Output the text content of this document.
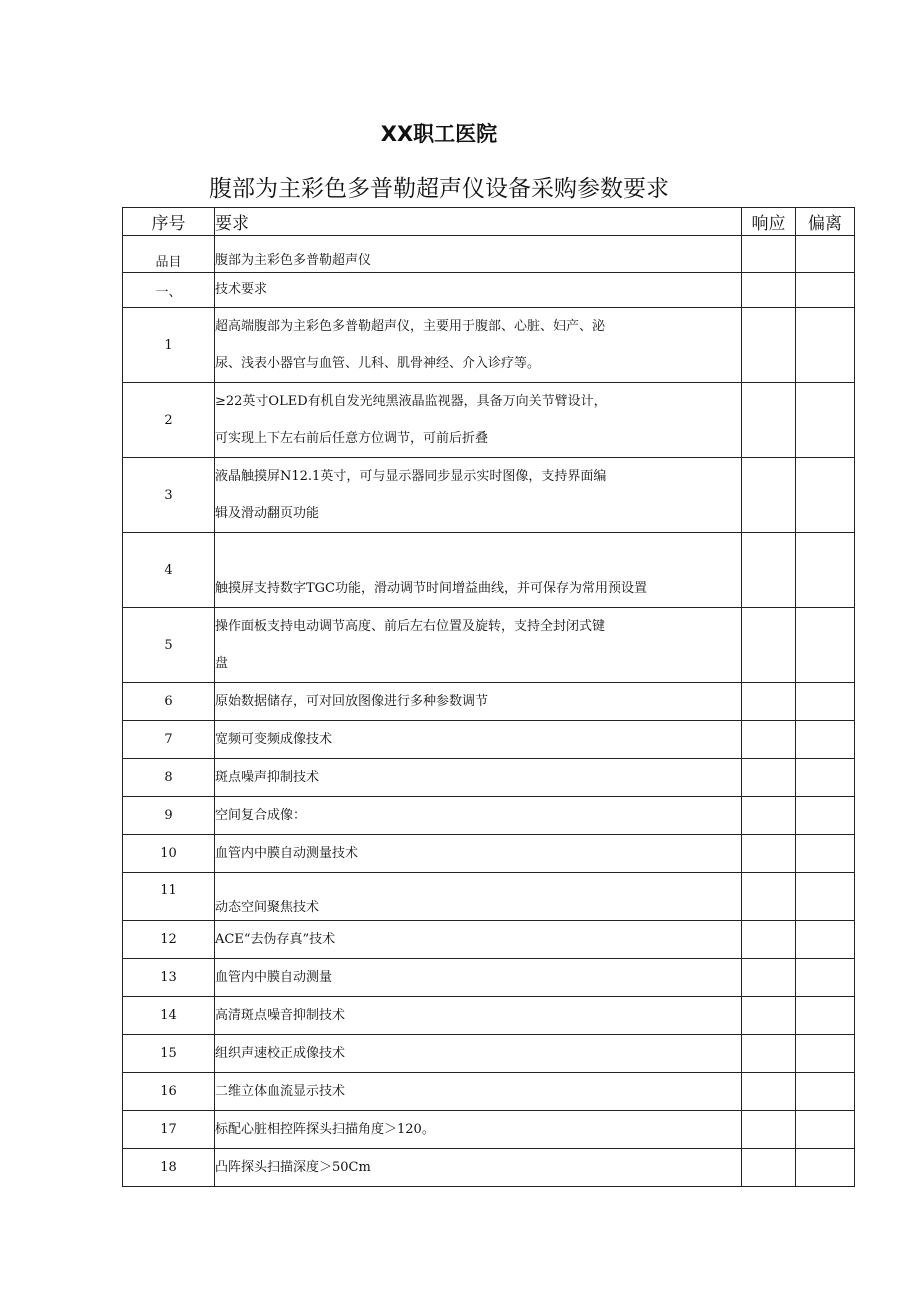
XX职工医院
腹部为主彩色多普勒超声仪设备采购参数要求
序号	要求	响应	偏离
品目	腹部为主彩色多普勒超声仪		
一、	技术要求		
1	超高端腹部为主彩色多普勒超声仪，主要用于腹部、心脏、妇产、泌
尿、浅表小器官与血管、儿科、肌骨神经、介入诊疗等。		

2	≥22英寸OLED有机自发光纯黑液晶监视器，具备万向关节臂设计，
可实现上下左右前后任意方位调节，可前后折叠		

3	液晶触摸屏N12.1英寸，可与显示器同步显示实时图像，支持界面编
辑及滑动翻页功能		

4	触摸屏支持数字TGC功能，滑动调节时间增益曲线，并可保存为常用预设置		

5	操作面板支持电动调节高度、前后左右位置及旋转，支持全封闭式键
盘		

6	原始数据储存，可对回放图像进行多种参数调节		
7	宽频可变频成像技术		
8	斑点噪声抑制技术		
9	空间复合成像：		
10	血管内中膜自动测量技术		
11	动态空间聚焦技术		
12	ACE“去伪存真”技术		
13	血管内中膜自动测量		
14	高清斑点噪音抑制技术		
15	组织声速校正成像技术		
16	二维立体血流显示技术		
17	标配心脏相控阵探头扫描角度＞120。		
18	凸阵探头扫描深度＞50Cm		
